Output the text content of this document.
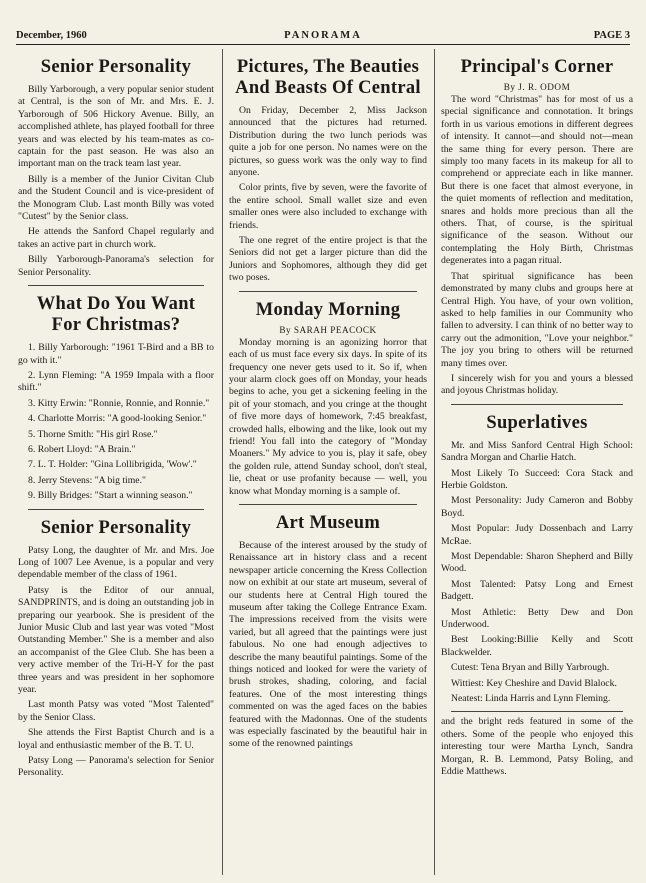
December, 1960	PANORAMA	PAGE 3
Senior Personality

Billy Yarborough, a very popular senior student at Central, is the son of Mr. and Mrs. E. J. Yarborough of 506 Hickory Avenue. Billy, an accomplished athlete, has played football for three years and was elected by his team-mates as co-captain for the past season. He was also an important man on the track team last year.

Billy is a member of the Junior Civitan Club and the Student Council and is vice-president of the Monogram Club. Last month Billy was voted "Cutest" by the Senior class.

He attends the Sanford Chapel regularly and takes an active part in church work.

Billy Yarborough-Panorama's selection for Senior Personality.

What Do You Want
For Christmas?

1. Billy Yarborough: "1961 T-Bird and a BB to go with it."

2. Lynn Fleming: "A 1959 Impala with a floor shift."

3. Kitty Erwin: "Ronnie, Ronnie, and Ronnie."

4. Charlotte Morris: "A good-looking Senior."

5. Thorne Smith: "His girl Rose."

6. Robert Lloyd: "A Brain."

7. L. T. Holder: "Gina Lollibrigida, 'Wow'."

8. Jerry Stevens: "A big time."

9. Billy Bridges: "Start a winning season."

Senior Personality

Patsy Long, the daughter of Mr. and Mrs. Joe Long of 1007 Lee Avenue, is a popular and very dependable member of the class of 1961.

Patsy is the Editor of our annual, SANDPRINTS, and is doing an outstanding job in preparing our yearbook. She is president of the Junior Music Club and last year was voted "Most Outstanding Member." She is a member and also an accompanist of the Glee Club. She has been a very active member of the Tri-H-Y for the past three years and was president in her sophomore year.

Last month Patsy was voted "Most Talented" by the Senior Class.

She attends the First Baptist Church and is a loyal and enthusiastic member of the B. T. U.

Patsy Long — Panorama's selection for Senior Personality.

Pictures, The Beauties
And Beasts Of Central

On Friday, December 2, Miss Jackson announced that the pictures had returned. Distribution during the two lunch periods was quite a job for one person. No names were on the pictures, so guess work was the only way to find anyone.

Color prints, five by seven, were the favorite of the entire school. Small wallet size and even smaller ones were also included to exchange with friends.

The one regret of the entire project is that the Seniors did not get a larger picture than did the Juniors and Sophomores, although they did get two poses.

Monday Morning
By SARAH PEACOCK

Monday morning is an agonizing horror that each of us must face every six days. In spite of its frequency one never gets used to it. So if, when your alarm clock goes off on Monday, your heads begins to ache, you get a sickening feeling in the pit of your stomach, and you cringe at the thought of five more days of homework, 7:45 breakfast, crowded halls, elbowing and the like, look out my friend! You fall into the category of "Monday Moaners." My advice to you is, play it safe, obey the golden rule, attend Sunday school, don't steal, lie, cheat or use profanity because — well, you know what Monday morning is a sample of.

Art Museum

Because of the interest aroused by the study of Renaissance art in history class and a recent newspaper article concerning the Kress Collection now on exhibit at our state art museum, several of our students here at Central High toured the museum after taking the College Entrance Exam. The impressions received from the visits were varied, but all agreed that the paintings were just fabulous. No one had enough adjectives to describe the many beautiful paintings. Some of the things noticed and looked for were the variety of brush strokes, shading, coloring, and facial features. One of the most interesting things commented on was the aged faces on the babies featured with the Madonnas. One of the students was especially fascinated by the beautiful hair in some of the renowned paintings

Principal's Corner
By J. R. ODOM

The word "Christmas" has for most of us a special significance and connotation. It brings forth in us various emotions in different degrees of intensity. It cannot—and should not—mean the same thing for every person. There are simply too many facets in its makeup for all to comprehend or appreciate each in like manner. But there is one facet that almost everyone, in the quiet moments of reflection and meditation, snares and holds more precious than all the others. That, of course, is the spiritual significance of the season. Without our contemplating the Holy Birth, Christmas degenerates into a pagan ritual.

That spiritual significance has been demonstrated by many clubs and groups here at Central High. You have, of your own volition, asked to help families in our Community who fallen to adversity. I can think of no better way to carry out the admonition, "Love your neighbor." The joy you bring to others will be returned many times over.

I sincerely wish for you and yours a blessed and joyous Christmas holiday.

Superlatives

Mr. and Miss Sanford Central High School: Sandra Morgan and Charlie Hatch.

Most Likely To Succeed: Cora Stack and Herbie Goldston.

Most Personality: Judy Cameron and Bobby Boyd.

Most Popular: Judy Dossenbach and Larry McRae.

Most Dependable: Sharon Shepherd and Billy Wood.

Most Talented: Patsy Long and Ernest Badgett.

Most Athletic: Betty Dew and Don Underwood.

Best Looking:Billie Kelly and Scott Blackwelder.

Cutest: Tena Bryan and Billy Yarbrough.

Wittiest: Key Cheshire and David Blalock.

Neatest: Linda Harris and Lynn Fleming.

and the bright reds featured in some of the others. Some of the people who enjoyed this interesting tour were Martha Lynch, Sandra Morgan, R. B. Lemmond, Patsy Boling, and Eddie Matthews.
